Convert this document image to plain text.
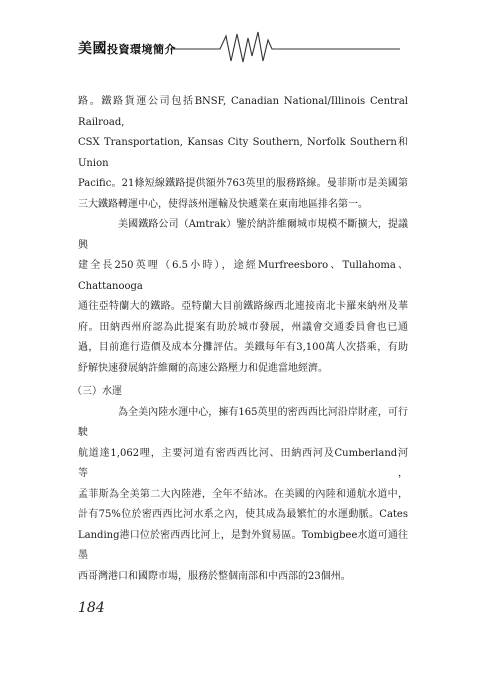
美國投資環境簡介

路。鐵路貨運公司包括BNSF, Canadian National/Illinois Central Railroad,

CSX Transportation, Kansas City Southern, Norfolk Southern和Union

Pacific。21條短線鐵路提供額外763英里的服務路線。曼菲斯市是美國第

三大鐵路轉運中心，使得該州運輸及快遞業在東南地區排名第一。

美國鐵路公司（Amtrak）鑒於納許維爾城市規模不斷擴大，提議興

建全長250英哩（6.5小時），途經Murfreesboro、Tullahoma、Chattanooga

通往亞特蘭大的鐵路。亞特蘭大目前鐵路線西北連接南北卡羅來納州及華

府。田納西州府認為此提案有助於城市發展，州議會交通委員會也已通

過，目前進行造價及成本分攤評估。美鐵每年有3,100萬人次搭乘，有助

紓解快速發展納許維爾的高速公路壓力和促進當地經濟。

（三）水運

為全美內陸水運中心，擁有165英里的密西西比河沿岸財產，可行駛

航道達1,062哩，主要河道有密西西比河、田納西河及Cumberland河等，

孟菲斯為全美第二大內陸港，全年不結冰。在美國的內陸和通航水道中，

計有75%位於密西西比河水系之內，使其成為最繁忙的水運動脈。Cates

Landing港口位於密西西比河上，是對外貿易區。Tombigbee水道可通往墨

西哥灣港口和國際市場，服務於整個南部和中西部的23個州。

184
